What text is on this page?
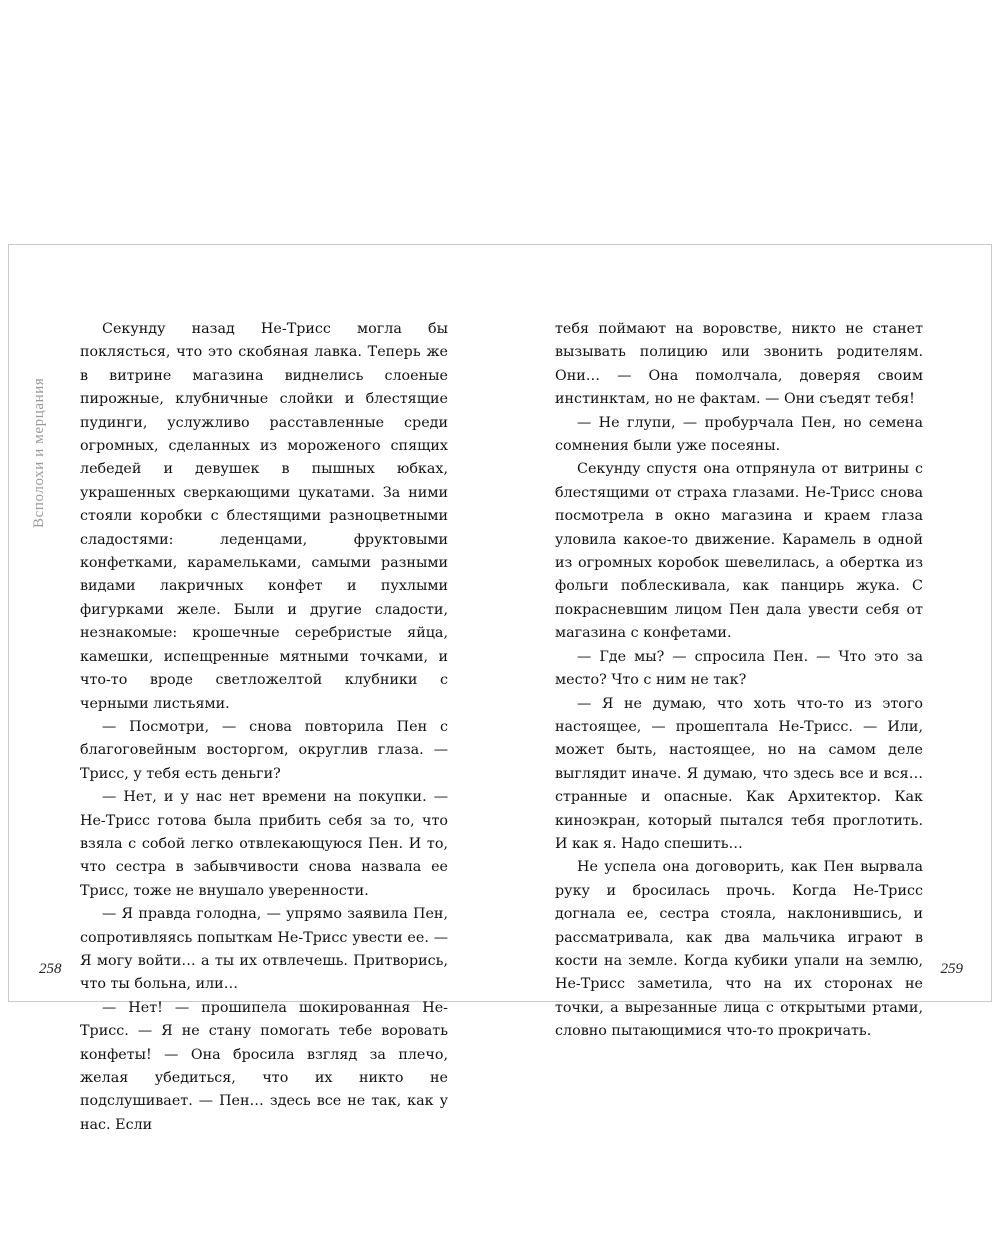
Всполохи и мерцания

Секунду назад Не-Трисс могла бы поклясться, что это скобяная лавка. Теперь же в витрине магазина виднелись слоеные пирожные, клубничные слойки и блестящие пудинги, услужливо расставленные среди огромных, сделанных из мороженого спящих лебедей и девушек в пышных юбках, украшенных сверкающими цукатами. За ними стояли коробки с блестящими разноцветными сладостями: леденцами, фруктовыми конфетками, карамельками, самыми разными видами лакричных конфет и пухлыми фигурками желе. Были и другие сладости, незнакомые: крошечные серебристые яйца, камешки, испещренные мятными точками, и что-то вроде светложелтой клубники с черными листьями.

— Посмотри, — снова повторила Пен с благоговейным восторгом, округлив глаза. — Трисс, у тебя есть деньги?

— Нет, и у нас нет времени на покупки. — Не-Трисс готова была прибить себя за то, что взяла с собой легко отвлекающуюся Пен. И то, что сестра в забывчивости снова назвала ее Трисс, тоже не внушало уверенности.

— Я правда голодна, — упрямо заявила Пен, сопротивляясь попыткам Не-Трисс увести ее. — Я могу войти… а ты их отвлечешь. Притворись, что ты больна, или…

— Нет! — прошипела шокированная Не-Трисс. — Я не стану помогать тебе воровать конфеты! — Она бросила взгляд за плечо, желая убедиться, что их никто не подслушивает. — Пен… здесь все не так, как у нас. Если

тебя поймают на воровстве, никто не станет вызывать полицию или звонить родителям. Они… — Она помолчала, доверяя своим инстинктам, но не фактам. — Они съедят тебя!

— Не глупи, — пробурчала Пен, но семена сомнения были уже посеяны.

Секунду спустя она отпрянула от витрины с блестящими от страха глазами. Не-Трисс снова посмотрела в окно магазина и краем глаза уловила какое-то движение. Карамель в одной из огромных коробок шевелилась, а обертка из фольги поблескивала, как панцирь жука. С покрасневшим лицом Пен дала увести себя от магазина с конфетами.

— Где мы? — спросила Пен. — Что это за место? Что с ним не так?

— Я не думаю, что хоть что-то из этого настоящее, — прошептала Не-Трисс. — Или, может быть, настоящее, но на самом деле выглядит иначе. Я думаю, что здесь все и вся… странные и опасные. Как Архитектор. Как киноэкран, который пытался тебя проглотить. И как я. Надо спешить…

Не успела она договорить, как Пен вырвала руку и бросилась прочь. Когда Не-Трисс догнала ее, сестра стояла, наклонившись, и рассматривала, как два мальчика играют в кости на земле. Когда кубики упали на землю, Не-Трисс заметила, что на их сторонах не точки, а вырезанные лица с открытыми ртами, словно пытающимися что-то прокричать.

258	259
